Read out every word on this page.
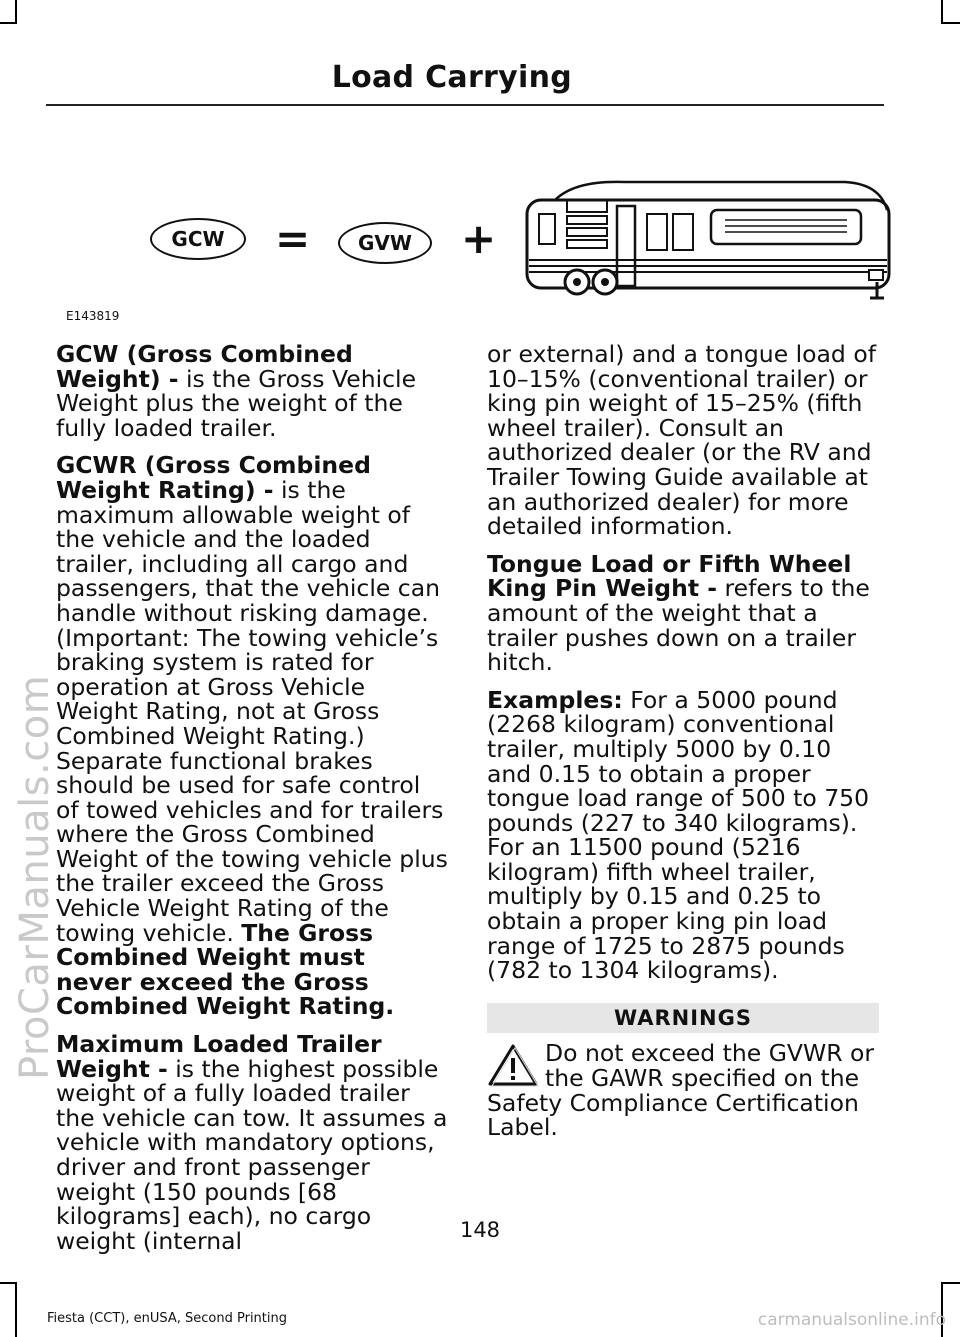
Load Carrying
GCW = GVW +
E143819

GCW (Gross Combined Weight) - is the Gross Vehicle Weight plus the weight of the fully loaded trailer.

GCWR (Gross Combined Weight Rating) - is the maximum allowable weight of the vehicle and the loaded trailer, including all cargo and passengers, that the vehicle can handle without risking damage. (Important: The towing vehicle’s braking system is rated for operation at Gross Vehicle Weight Rating, not at Gross Combined Weight Rating.) Separate functional brakes should be used for safe control of towed vehicles and for trailers where the Gross Combined Weight of the towing vehicle plus the trailer exceed the Gross Vehicle Weight Rating of the towing vehicle. The Gross Combined Weight must never exceed the Gross Combined Weight Rating.

Maximum Loaded Trailer Weight - is the highest possible weight of a fully loaded trailer the vehicle can tow. It assumes a vehicle with mandatory options, driver and front passenger weight (150 pounds [68 kilograms] each), no cargo weight (internal

or external) and a tongue load of 10–15% (conventional trailer) or king pin weight of 15–25% (fifth wheel trailer). Consult an authorized dealer (or the RV and Trailer Towing Guide available at an authorized dealer) for more detailed information.

Tongue Load or Fifth Wheel King Pin Weight - refers to the amount of the weight that a trailer pushes down on a trailer hitch.

Examples: For a 5000 pound (2268 kilogram) conventional trailer, multiply 5000 by 0.10 and 0.15 to obtain a proper tongue load range of 500 to 750 pounds (227 to 340 kilograms). For an 11500 pound (5216 kilogram) fifth wheel trailer, multiply by 0.15 and 0.25 to obtain a proper king pin load range of 1725 to 2875 pounds (782 to 1304 kilograms).

WARNINGS
Do not exceed the GVWR or the GAWR specified on the Safety Compliance Certification Label.
148
Fiesta (CCT), enUSA, Second Printing
ProCarManuals.com
carmanualsonline.info
